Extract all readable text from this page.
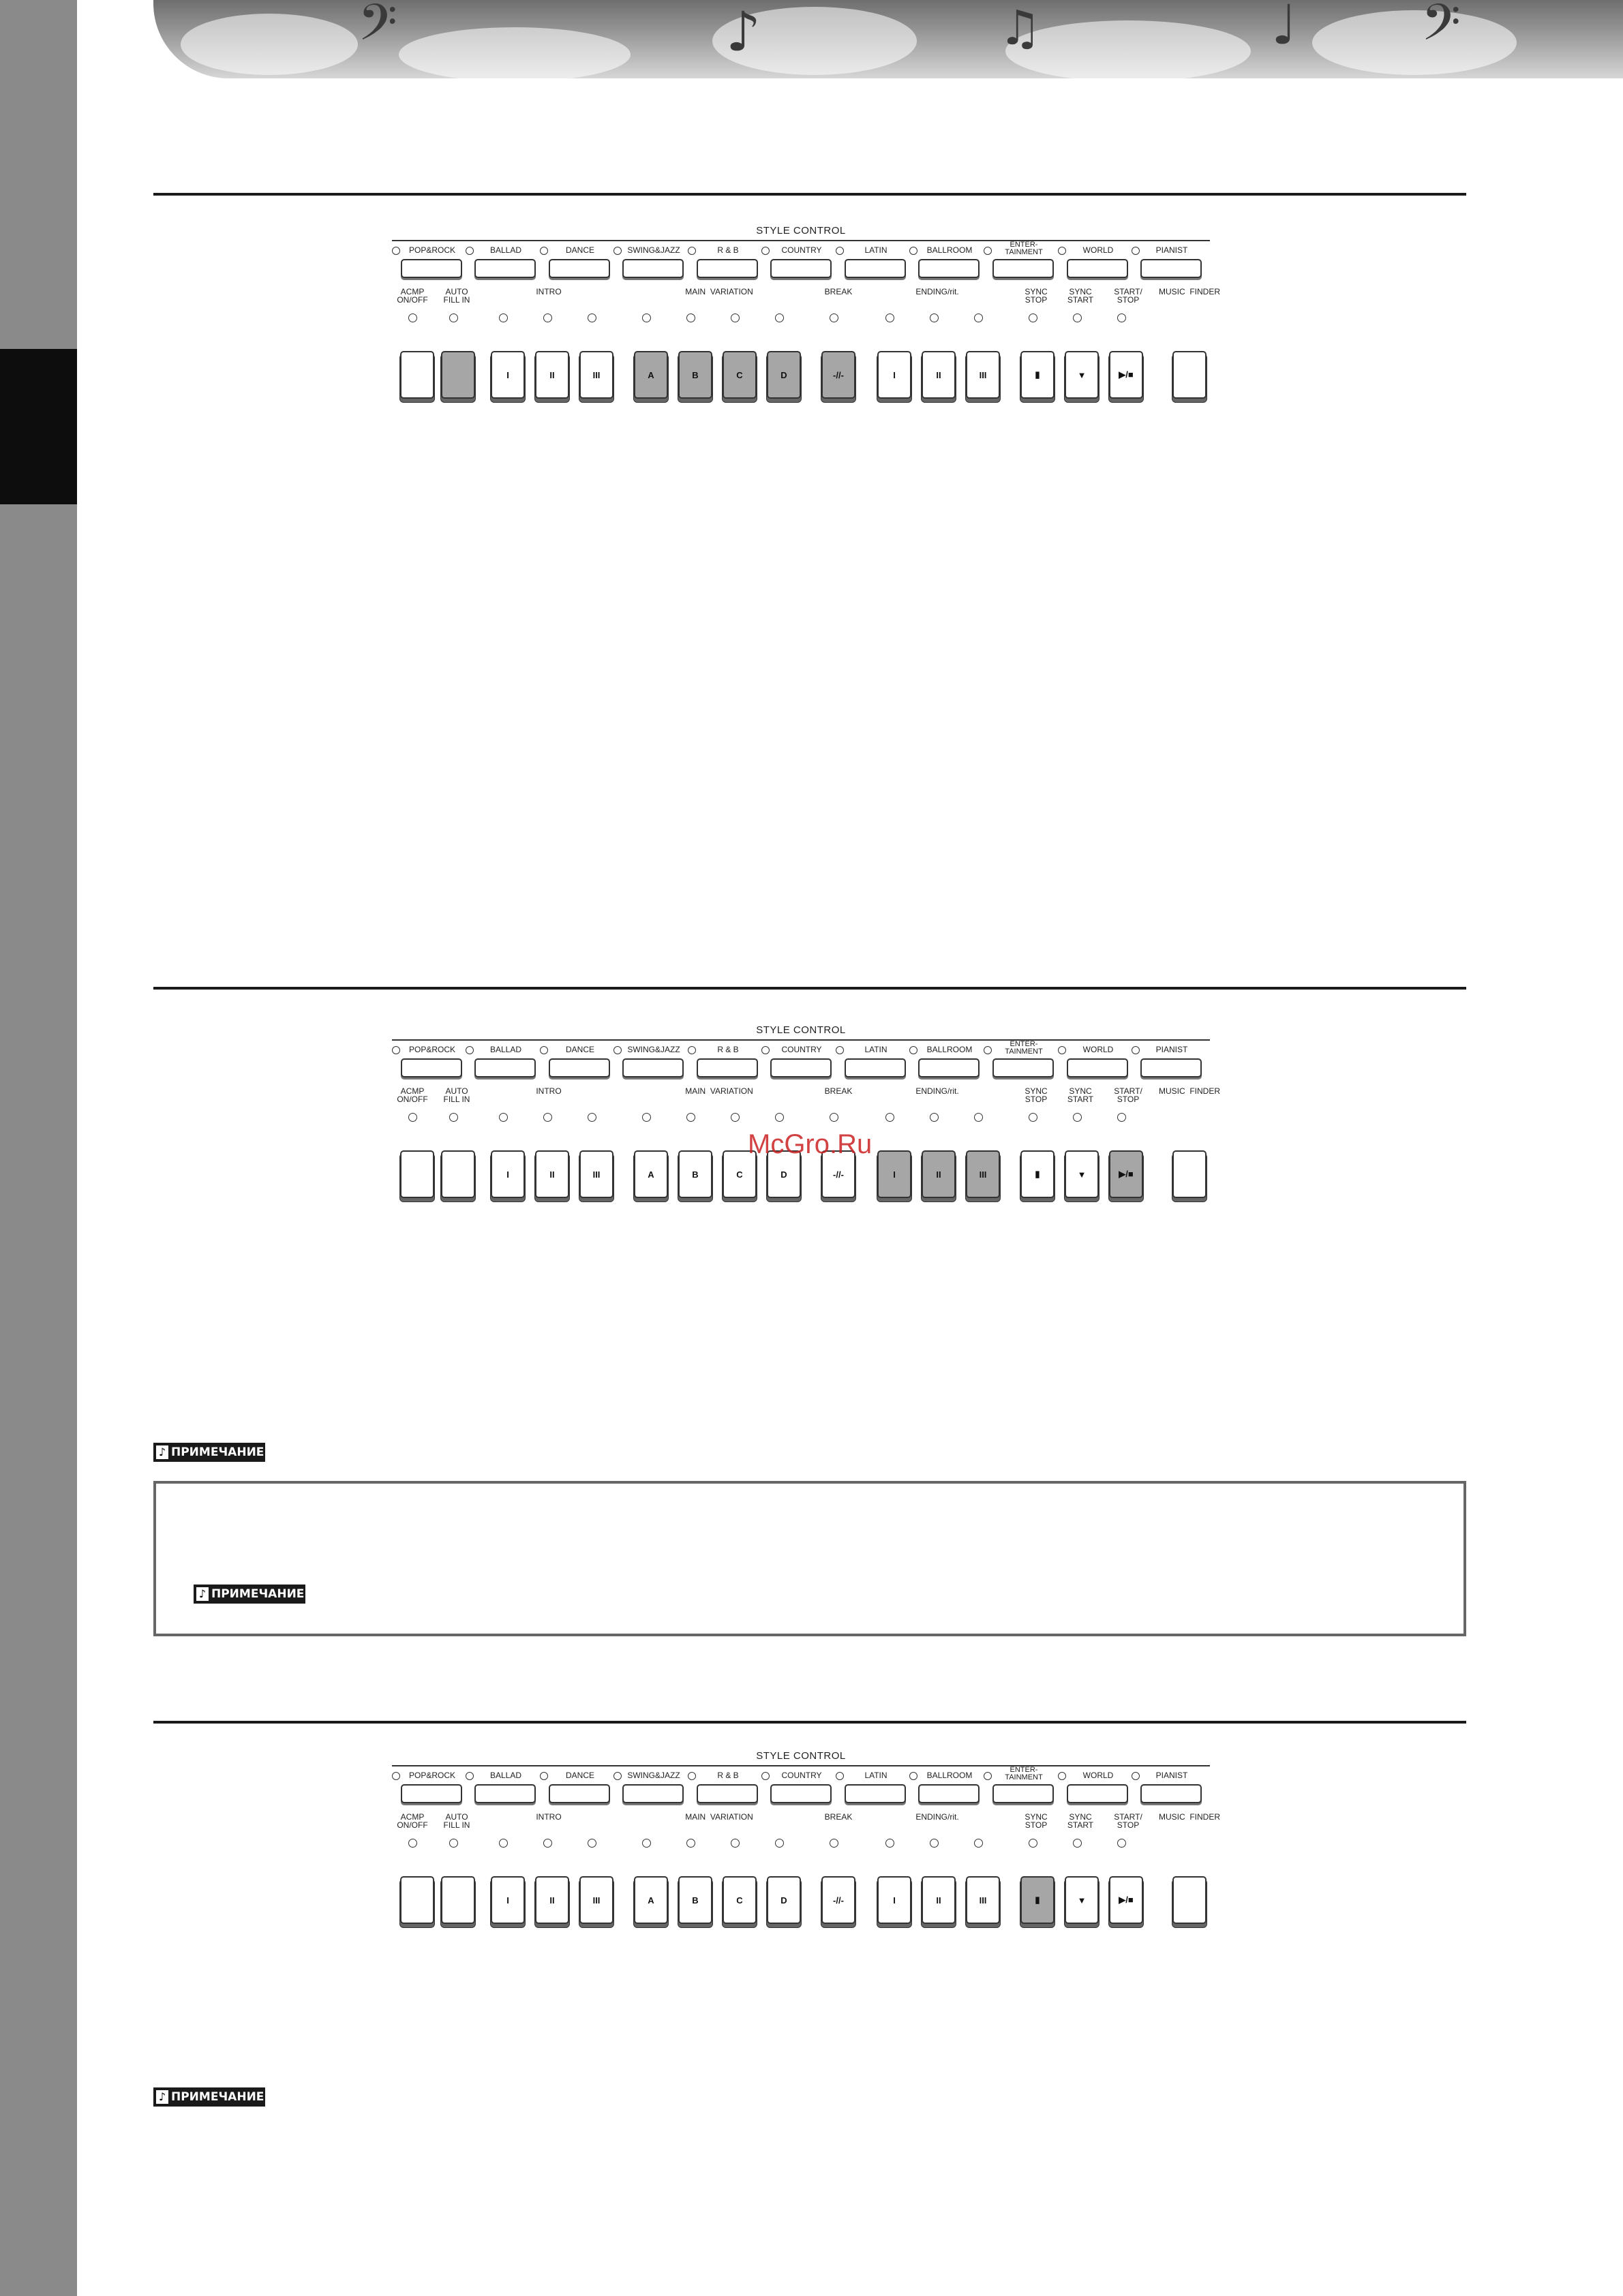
𝄢	♪	♫	♩ 𝄢
STYLE CONTROL
POP&ROCK	BALLAD	DANCE	SWING&JAZZ	R & B	COUNTRY	LATIN	BALLROOM
ENTER-
TAINMENT	WORLD	PIANIST
ACMP
ON/OFF
AUTO
FILL IN
INTRO	MAIN  VARIATION	BREAK	ENDING/rit.	SYNC
STOP
SYNC
START
START/
STOP
MUSIC  FINDER
I	II	III	A	B	C	D	-//-	I	II	III	▮	▼	▶/■
STYLE CONTROL
POP&ROCK	BALLAD	DANCE	SWING&JAZZ	R & B	COUNTRY	LATIN	BALLROOM
ENTER-
TAINMENT	WORLD	PIANIST
ACMP
ON/OFF
AUTO
FILL IN
INTRO	MAIN  VARIATION	BREAK	ENDING/rit.	SYNC
STOP
SYNC
START
START/
STOP
MUSIC  FINDER
I	II	III	A	B	C	D	-//-	I	II	III	▮	▼	▶/■
STYLE CONTROL
POP&ROCK	BALLAD	DANCE	SWING&JAZZ	R & B	COUNTRY	LATIN	BALLROOM
ENTER-
TAINMENT	WORLD	PIANIST
ACMP
ON/OFF
AUTO
FILL IN
INTRO	MAIN  VARIATION	BREAK	ENDING/rit.	SYNC
STOP
SYNC
START
START/
STOP
MUSIC  FINDER
I	II	III	A	B	C	D	-//-	I	II	III	▮	▼	▶/■
♪ ПРИМЕЧАНИЕ
♪ ПРИМЕЧАНИЕ
♪ ПРИМЕЧАНИЕ
McGro.Ru
